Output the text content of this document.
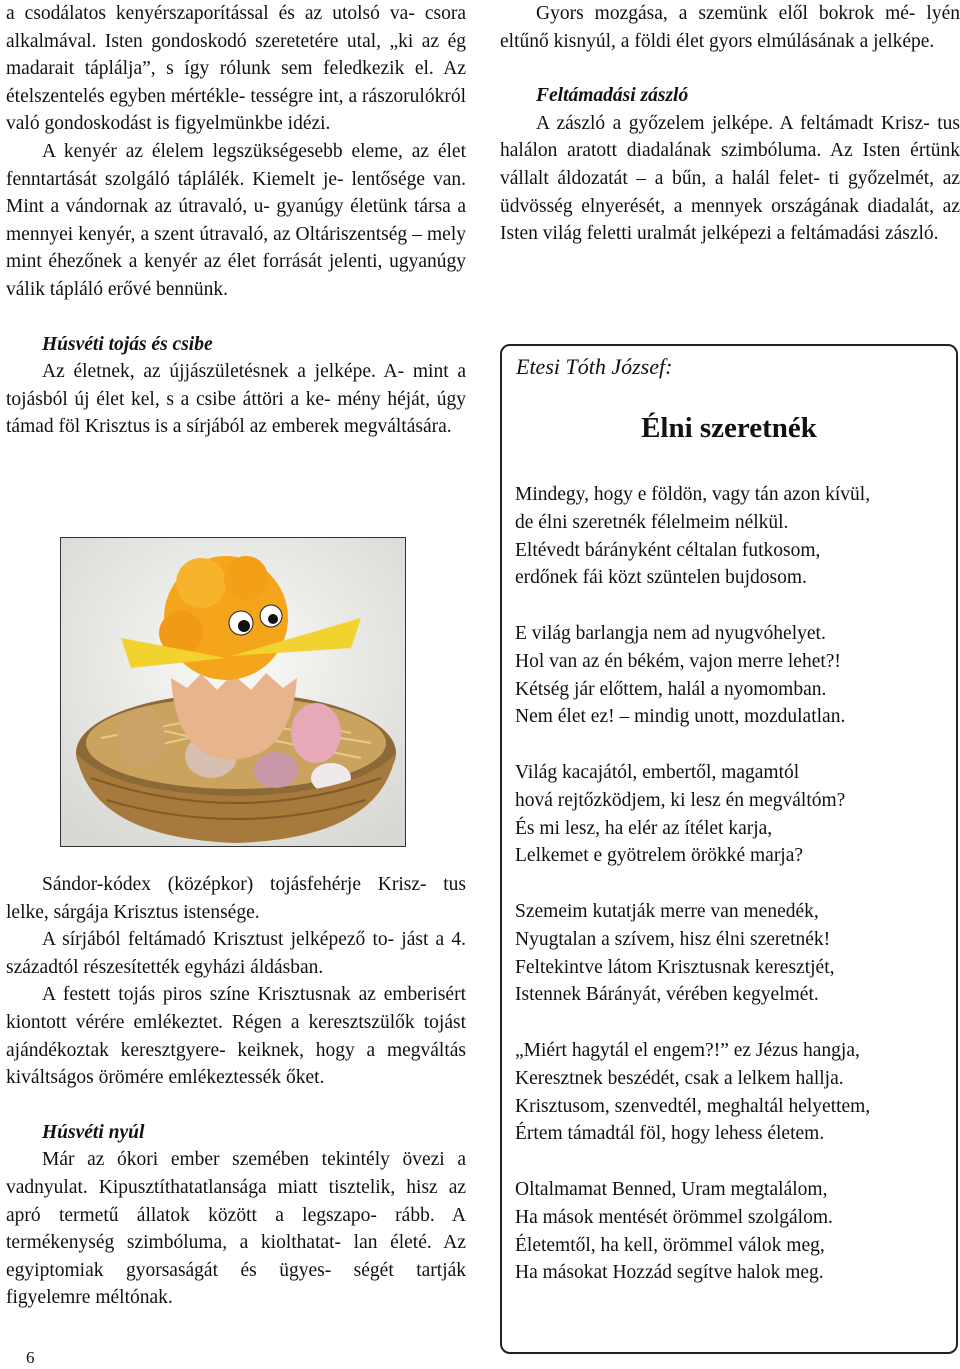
a csodálatos kenyérszaporítással és az utolsó va- csora alkalmával. Isten gondoskodó szeretetére utal, „ki az ég madarait táplálja”, s így rólunk sem feledkezik el. Az ételszentelés egyben mértékle- tességre int, a rászorulókról való gondoskodást is figyelmünkbe idézi.

A kenyér az élelem legszükségesebb eleme, az élet fenntartását szolgáló táplálék. Kiemelt je- lentősége van. Mint a vándornak az útravaló, u- gyanúgy életünk társa a mennyei kenyér, a szent útravaló, az Oltáriszentség – mely mint éhezőnek a kenyér az élet forrását jelenti, ugyanúgy válik tápláló erővé bennünk.

Húsvéti tojás és csibe

Az életnek, az újjászületésnek a jelképe. A- mint a tojásból új élet kel, s a csibe áttöri a ke- mény héját, úgy támad föl Krisztus is a sírjából az emberek megváltására.

Sándor-kódex (középkor) tojásfehérje Krisz- tus lelke, sárgája Krisztus istensége.

A sírjából feltámadó Krisztust jelképező to- jást a 4. századtól részesítették egyházi áldásban.

A festett tojás piros színe Krisztusnak az emberisért kiontott vérére emlékeztet. Régen a keresztszülők tojást ajándékoztak keresztgyere- keiknek, hogy a megváltás kiváltságos örömére emlékeztessék őket.

Húsvéti nyúl

Már az ókori ember szemében tekintély övezi a vadnyulat. Kipusztíthatatlansága miatt tisztelik, hisz az apró termetű állatok között a legszapo- rább. A termékenység szimbóluma, a kiolthatat- lan életé. Az egyiptomiak gyorsaságát és ügyes- ségét tartják figyelemre méltónak.

6

Gyors mozgása, a szemünk elől bokrok mé- lyén eltűnő kisnyúl, a földi élet gyors elmúlásának a jelképe.

Feltámadási zászló

A zászló a győzelem jelképe. A feltámadt Krisz- tus halálon aratott diadalának szimbóluma. Az Isten értünk vállalt áldozatát – a bűn, a halál felet- ti győzelmét, az üdvösség elnyerését, a mennyek országának diadalát, az Isten világ feletti uralmát jelképezi a feltámadási zászló.

Etesi Tóth József:
Élni szeretnék
Mindegy, hogy e földön, vagy tán azon kívül,
de élni szeretnék félelmeim nélkül.
Eltévedt bárányként céltalan futkosom,
erdőnek fái közt szüntelen bujdosom.
E világ barlangja nem ad nyugvóhelyet.
Hol van az én békém, vajon merre lehet?!
Kétség jár előttem, halál a nyomomban.
Nem élet ez! – mindig unott, mozdulatlan.
Világ kacajától, embertől, magamtól
hová rejtőzködjem, ki lesz én megváltóm?
És mi lesz, ha elér az ítélet karja,
Lelkemet e gyötrelem örökké marja?
Szemeim kutatják merre van menedék,
Nyugtalan a szívem, hisz élni szeretnék!
Feltekintve látom Krisztusnak keresztjét,
Istennek Bárányát, vérében kegyelmét.
„Miért hagytál el engem?!” ez Jézus hangja,
Keresztnek beszédét, csak a lelkem hallja.
Krisztusom, szenvedtél, meghaltál helyettem,
Értem támadtál föl, hogy lehess életem.
Oltalmamat Benned, Uram megtalálom,
Ha mások mentését örömmel szolgálom.
Életemtől, ha kell, örömmel válok meg,
Ha másokat Hozzád segítve halok meg.
